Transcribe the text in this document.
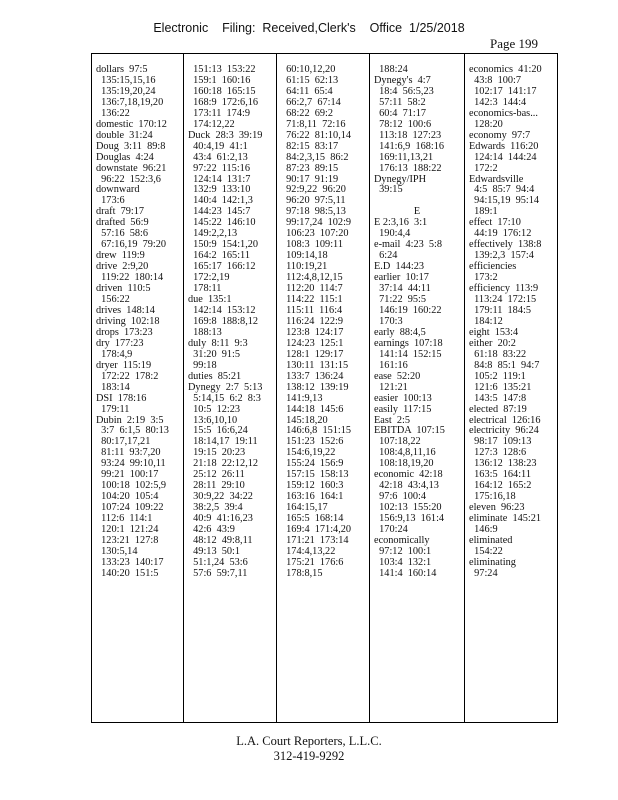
Electronic    Filing:  Received,Clerk's    Office  1/25/2018
Page 199
dollars  97:5
135:15,15,16
135:19,20,24
136:7,18,19,20
136:22
domestic  170:12
double  31:24
Doug  3:11  89:8
Douglas  4:24
downstate  96:21
96:22  152:3,6
downward
173:6
draft  79:17
drafted  56:9
57:16  58:6
67:16,19  79:20
drew  119:9
drive  2:9,20
119:22  180:14
driven  110:5
156:22
drives  148:14
driving  102:18
drops  173:23
dry  177:23
178:4,9
dryer  115:19
172:22  178:2
183:14
DSI  178:16
179:11
Dubin  2:19  3:5
3:7  6:1,5  80:13
80:17,17,21
81:11  93:7,20
93:24  99:10,11
99:21  100:17
100:18  102:5,9
104:20  105:4
107:24  109:22
112:6  114:1
120:1  121:24
123:21  127:8
130:5,14
133:23  140:17
140:20  151:5
151:13  153:22
159:1  160:16
160:18  165:15
168:9  172:6,16
173:11  174:9
174:12,22
Duck  28:3  39:19
40:4,19  41:1
43:4  61:2,13
97:22  115:16
124:14  131:7
132:9  133:10
140:4  142:1,3
144:23  145:7
145:22  146:10
149:2,2,13
150:9  154:1,20
164:2  165:11
165:17  166:12
172:2,19
178:11
due  135:1
142:14  153:12
169:8  188:8,12
188:13
duly  8:11  9:3
31:20  91:5
99:18
duties  85:21
Dynegy  2:7  5:13
5:14,15  6:2  8:3
10:5  12:23
13:6,10,10
15:5  16:6,24
18:14,17  19:11
19:15  20:23
21:18  22:12,12
25:12  26:11
28:11  29:10
30:9,22  34:22
38:2,5  39:4
40:9  41:16,23
42:6  43:9
48:12  49:8,11
49:13  50:1
51:1,24  53:6
57:6  59:7,11
60:10,12,20
61:15  62:13
64:11  65:4
66:2,7  67:14
68:22  69:2
71:8,11  72:16
76:22  81:10,14
82:15  83:17
84:2,3,15  86:2
87:23  89:15
90:17  91:19
92:9,22  96:20
96:20  97:5,11
97:18  98:5,13
99:17,24  102:9
106:23  107:20
108:3  109:11
109:14,18
110:19,21
112:4,8,12,15
112:20  114:7
114:22  115:1
115:11  116:4
116:24  122:9
123:8  124:17
124:23  125:1
128:1  129:17
130:11  131:15
133:7  136:24
138:12  139:19
141:9,13
144:18  145:6
145:18,20
146:6,8  151:15
151:23  152:6
154:6,19,22
155:24  156:9
157:15  158:13
159:12  160:3
163:16  164:1
164:15,17
165:5  168:14
169:4  171:4,20
171:21  173:14
174:4,13,22
175:21  176:6
178:8,15
188:24
Dynegy's  4:7
18:4  56:5,23
57:11  58:2
60:4  71:17
78:12  100:6
113:18  127:23
141:6,9  168:16
169:11,13,21
176:13  188:22
Dynegy/IPH
39:15

E
E 2:3,16  3:1
190:4,4
e-mail  4:23  5:8
6:24
E.D  144:23
earlier  10:17
37:14  44:11
71:22  95:5
146:19  160:22
170:3
early  88:4,5
earnings  107:18
141:14  152:15
161:16
ease  52:20
121:21
easier  100:13
easily  117:15
East  2:5
EBITDA  107:15
107:18,22
108:4,8,11,16
108:18,19,20
economic  42:18
42:18  43:4,13
97:6  100:4
102:13  155:20
156:9,13  161:4
170:24
economically
97:12  100:1
103:4  132:1
141:4  160:14
economics  41:20
43:8  100:7
102:17  141:17
142:3  144:4
economics-bas...
128:20
economy  97:7
Edwards  116:20
124:14  144:24
172:2
Edwardsville
4:5  85:7  94:4
94:15,19  95:14
189:1
effect  17:10
44:19  176:12
effectively  138:8
139:2,3  157:4
efficiencies
173:2
efficiency  113:9
113:24  172:15
179:11  184:5
184:12
eight  153:4
either  20:2
61:18  83:22
84:8  85:1  94:7
105:2  119:1
121:6  135:21
143:5  147:8
elected  87:19
electrical  126:16
electricity  96:24
98:17  109:13
127:3  128:6
136:12  138:23
163:5  164:11
164:12  165:2
175:16,18
eleven  96:23
eliminate  145:21
146:9
eliminated
154:22
eliminating
97:24
L.A. Court Reporters, L.L.C.
312-419-9292
